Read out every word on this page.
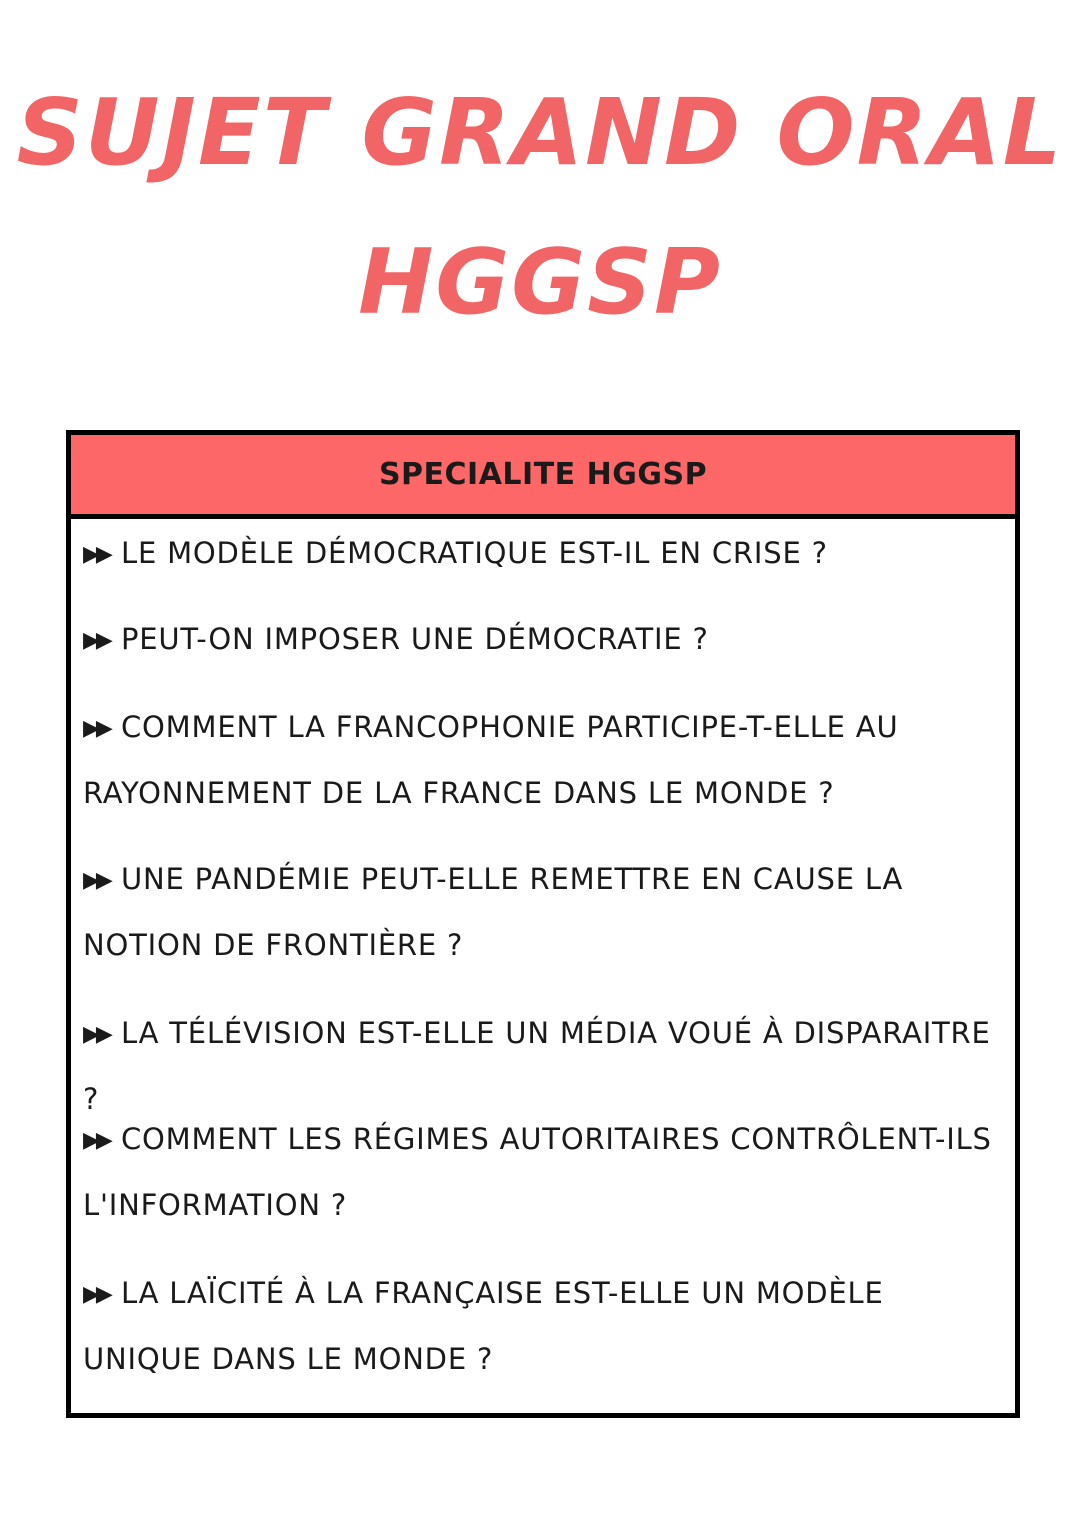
SUJET GRAND ORAL
HGGSP
SPECIALITE HGGSP
▶▶ LE MODÈLE DÉMOCRATIQUE EST-IL EN CRISE ?
▶▶ PEUT-ON IMPOSER UNE DÉMOCRATIE ?
▶▶ COMMENT LA FRANCOPHONIE PARTICIPE-T-ELLE AU RAYONNEMENT DE LA FRANCE DANS LE MONDE ?
▶▶ UNE PANDÉMIE PEUT-ELLE REMETTRE EN CAUSE LA NOTION DE FRONTIÈRE ?
▶▶ LA TÉLÉVISION EST-ELLE UN MÉDIA VOUÉ À DISPARAITRE ?
▶▶ COMMENT LES RÉGIMES AUTORITAIRES CONTRÔLENT-ILS L'INFORMATION ?
▶▶ LA LAÏCITÉ À LA FRANÇAISE EST-ELLE UN MODÈLE UNIQUE DANS LE MONDE ?
